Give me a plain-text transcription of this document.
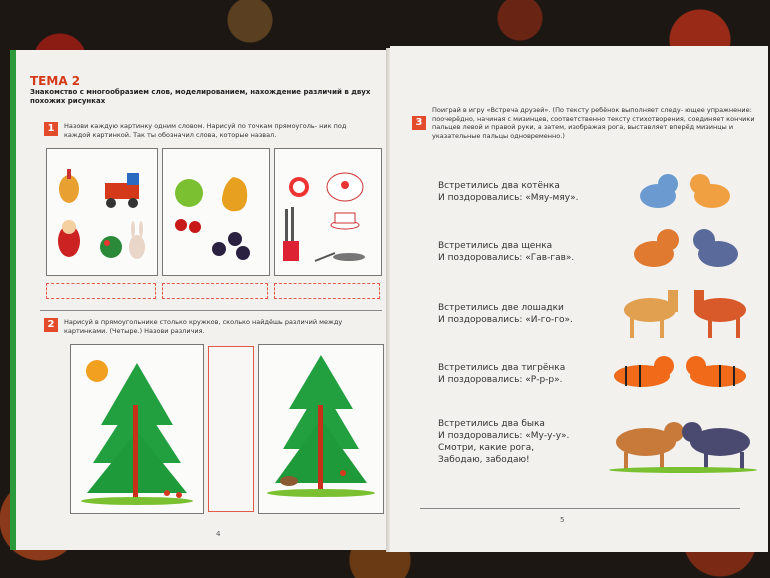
ТЕМА 2
Знакомство с многообразием слов, моделированием, нахождение различий в двух похожих рисунках
1	Назови каждую картинку одним словом. Нарисуй по точкам прямоуголь- ник под каждой картинкой. Так ты обозначил слова, которые назвал.
2	Нарисуй в прямоугольнике столько кружков, сколько найдёшь различий между картинками. (Четыре.) Назови различия.
4
3
Поиграй в игру «Встреча друзей». (По тексту ребёнок выполняет следу- ющее упражнение: поочерёдно, начиная с мизинцев, соответственно тексту стихотворения, соединяет кончики пальцев левой и правой руки, а затем, изображая рога, выставляет вперёд мизинцы и указательные пальцы одновременно.)
Встретились два котёнка
И поздоровались: «Мяу-мяу».
Встретились два щенка
И поздоровались: «Гав-гав».
Встретились две лошадки
И поздоровались: «И-го-го».
Встретились два тигрёнка
И поздоровались: «Р-р-р».
Встретились два быка
И поздоровались: «Му-у-у».
Смотри, какие рога,
Забодаю, забодаю!
5
